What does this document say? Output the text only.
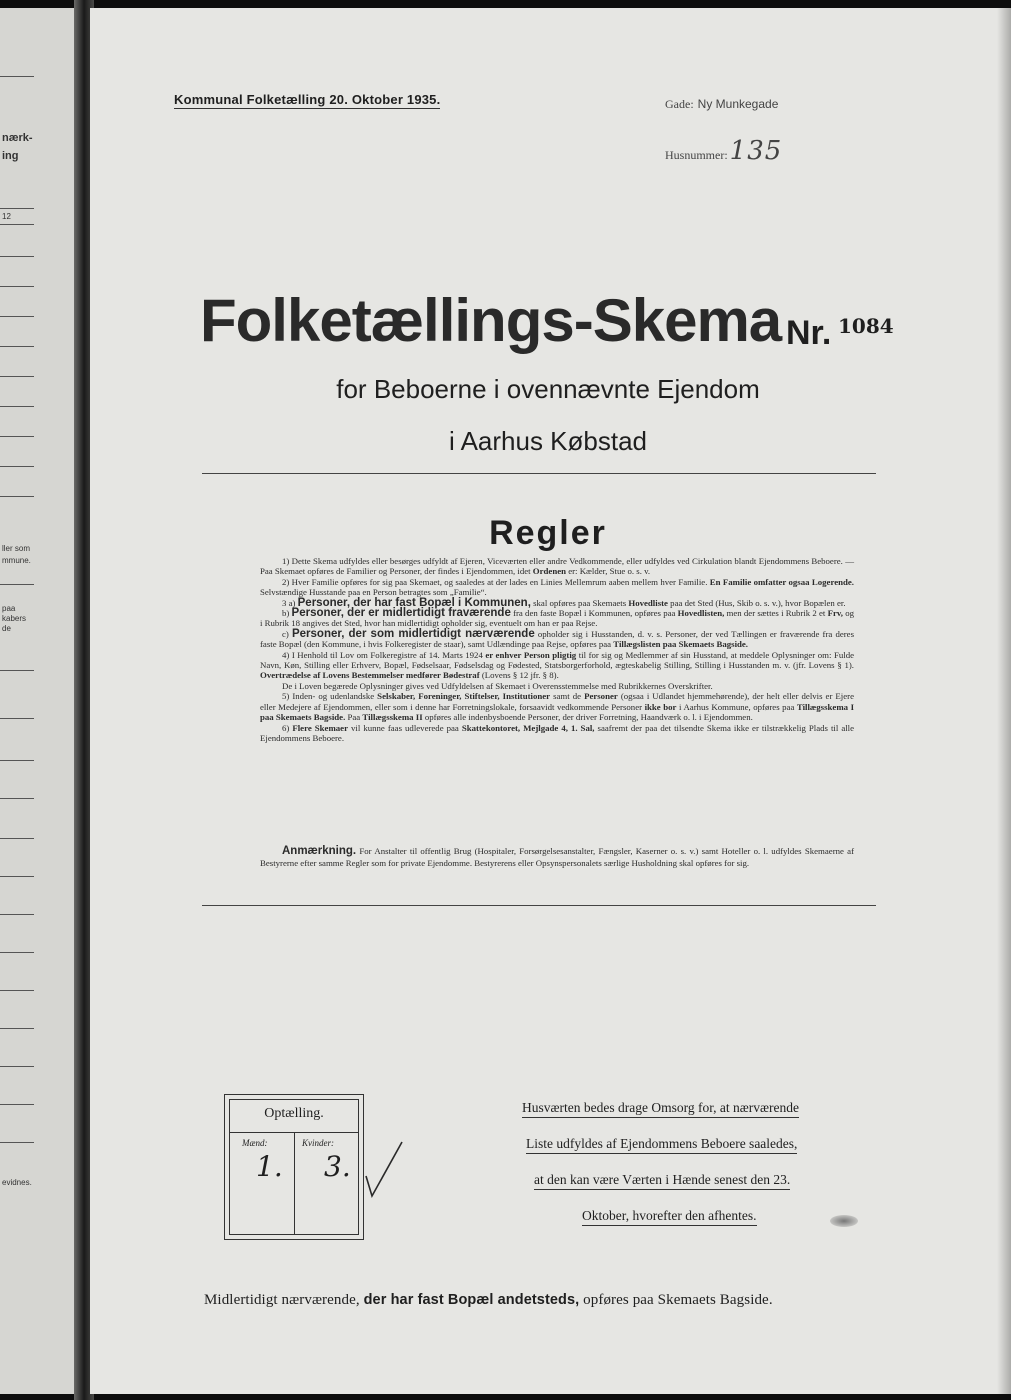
nærk-
ing
12
ller som
mmune.
paa
kabers
de
evidnes.
Kommunal Folketælling 20. Oktober 1935.	Gade: Ny Munkegade
Husnummer:135
Folketællings-Skema Nr. 1084
for Beboerne i ovennævnte Ejendom
i Aarhus Købstad
Regler

1) Dette Skema udfyldes eller besørges udfyldt af Ejeren, Viceværten eller andre Vedkommende, eller udfyldes ved Cirkulation blandt Ejendommens Beboere. — Paa Skemaet opføres de Familier og Personer, der findes i Ejendommen, idet Ordenen er: Kælder, Stue o. s. v.

2) Hver Familie opføres for sig paa Skemaet, og saaledes at der lades en Linies Mellemrum aaben mellem hver Familie. En Familie omfatter ogsaa Logerende. Selvstændige Husstande paa en Person betragtes som „Familie“.

3 a) Personer, der har fast Bopæl i Kommunen, skal opføres paa Skemaets Hovedliste paa det Sted (Hus, Skib o. s. v.), hvor Bopælen er.

b) Personer, der er midlertidigt fraværende fra den faste Bopæl i Kommunen, opføres paa Hovedlisten, men der sættes i Rubrik 2 et Frv, og i Rubrik 18 angives det Sted, hvor han midlertidigt opholder sig, eventuelt om han er paa Rejse.

c) Personer, der som midlertidigt nærværende opholder sig i Husstanden, d. v. s. Personer, der ved Tællingen er fraværende fra deres faste Bopæl (den Kommune, i hvis Folkeregister de staar), samt Udlændinge paa Rejse, opføres paa Tillægslisten paa Skemaets Bagside.

4) I Henhold til Lov om Folkeregistre af 14. Marts 1924 er enhver Person pligtig til for sig og Medlemmer af sin Husstand, at meddele Oplysninger om: Fulde Navn, Køn, Stilling eller Erhverv, Bopæl, Fødselsaar, Fødselsdag og Fødested, Statsborgerforhold, ægteskabelig Stilling, Stilling i Husstanden m. v. (jfr. Lovens § 1). Overtrædelse af Lovens Bestemmelser medfører Bødestraf (Lovens § 12 jfr. § 8).

De i Loven begærede Oplysninger gives ved Udfyldelsen af Skemaet i Overensstemmelse med Rubrikkernes Overskrifter.

5) Inden- og udenlandske Selskaber, Foreninger, Stiftelser, Institutioner samt de Personer (ogsaa i Udlandet hjemmehørende), der helt eller delvis er Ejere eller Medejere af Ejendommen, eller som i denne har Forretningslokale, forsaavidt vedkommende Personer ikke bor i Aarhus Kommune, opføres paa Tillægsskema I paa Skemaets Bagside. Paa Tillægsskema II opføres alle indenbysboende Personer, der driver Forretning, Haandværk o. l. i Ejendommen.

6) Flere Skemaer vil kunne faas udleverede paa Skattekontoret, Mejlgade 4, 1. Sal, saafremt der paa det tilsendte Skema ikke er tilstrækkelig Plads til alle Ejendommens Beboere.

Anmærkning. For Anstalter til offentlig Brug (Hospitaler, Forsørgelsesanstalter, Fængsler, Kaserner o. s. v.) samt Hoteller o. l. udfyldes Skemaerne af Bestyrerne efter samme Regler som for private Ejendomme. Bestyrerens eller Opsynspersonalets særlige Husholdning skal opføres for sig.
Optælling.
Mænd:	Kvinder:
1. 3.
Husværten bedes drage Omsorg for, at nærværende
Liste udfyldes af Ejendommens Beboere saaledes,
at den kan være Værten i Hænde senest den 23.
Oktober, hvorefter den afhentes.
Midlertidigt nærværende, der har fast Bopæl andetsteds, opføres paa Skemaets Bagside.
